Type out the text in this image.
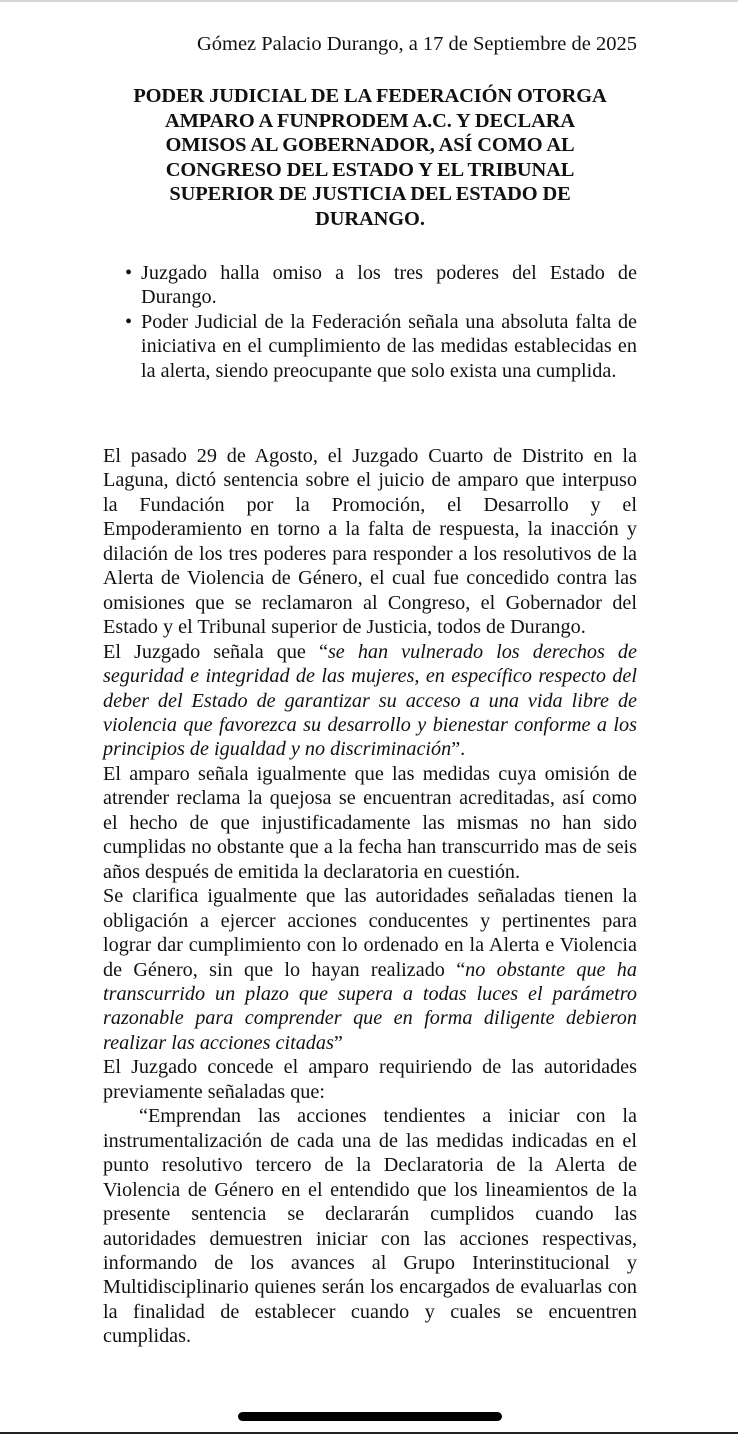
Gómez Palacio Durango, a 17 de Septiembre de 2025
PODER JUDICIAL DE LA FEDERACIÓN OTORGA
AMPARO A FUNPRODEM A.C. Y DECLARA
OMISOS AL GOBERNADOR, ASÍ COMO AL
CONGRESO DEL ESTADO Y EL TRIBUNAL
SUPERIOR DE JUSTICIA DEL ESTADO DE
DURANGO.
• Juzgado halla omiso a los tres poderes del Estado de Durango.
• Poder Judicial de la Federación señala una absoluta falta de iniciativa en el cumplimiento de las medidas establecidas en la alerta, siendo preocupante que solo exista una cumplida.

El pasado 29 de Agosto, el Juzgado Cuarto de Distrito en la Laguna, dictó sentencia sobre el juicio de amparo que interpuso la Fundación por la Promoción, el Desarrollo y el Empoderamiento en torno a la falta de respuesta, la inacción y dilación de los tres poderes para responder a los resolutivos de la Alerta de Violencia de Género, el cual fue concedido contra las omisiones que se reclamaron al Congreso, el Gobernador del Estado y el Tribunal superior de Justicia, todos de Durango.

El Juzgado señala que “se han vulnerado los derechos de seguridad e integridad de las mujeres, en específico respecto del deber del Estado de garantizar su acceso a una vida libre de violencia que favorezca su desarrollo y bienestar conforme a los principios de igualdad y no discriminación”.

El amparo señala igualmente que las medidas cuya omisión de atrender reclama la quejosa se encuentran acreditadas, así como el hecho de que injustificadamente las mismas no han sido cumplidas no obstante que a la fecha han transcurrido mas de seis años después de emitida la declaratoria en cuestión.

Se clarifica igualmente que las autoridades señaladas tienen la obligación a ejercer acciones conducentes y pertinentes para lograr dar cumplimiento con lo ordenado en la Alerta e Violencia de Género, sin que lo hayan realizado “no obstante que ha transcurrido un plazo que supera a todas luces el parámetro razonable para comprender que en forma diligente debieron realizar las acciones citadas”

El Juzgado concede el amparo requiriendo de las autoridades previamente señaladas que:

“Emprendan las acciones tendientes a iniciar con la instrumentalización de cada una de las medidas indicadas en el punto resolutivo tercero de la Declaratoria de la Alerta de Violencia de Género en el entendido que los lineamientos de la presente sentencia se declararán cumplidos cuando las autoridades demuestren iniciar con las acciones respectivas, informando de los avances al Grupo Interinstitucional y Multidisciplinario quienes serán los encargados de evaluarlas con la finalidad de establecer cuando y cuales se encuentren cumplidas.
